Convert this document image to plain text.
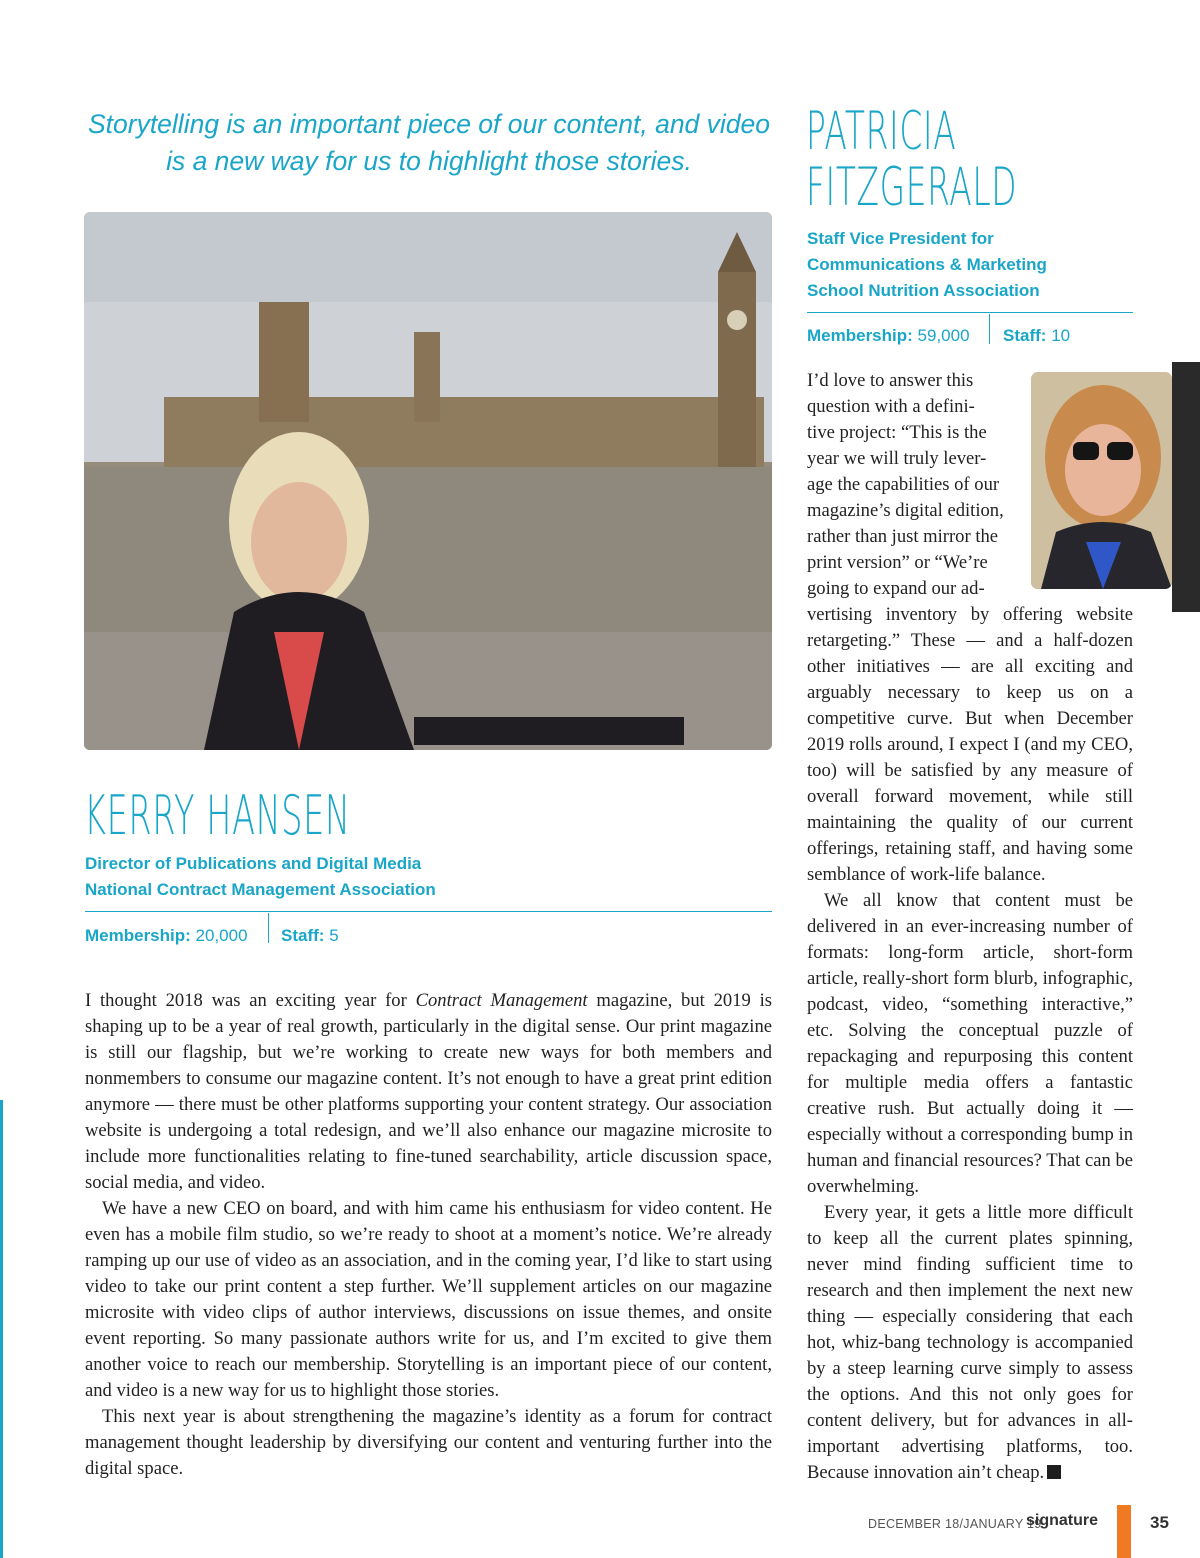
Storytelling is an important piece of our content, and video is a new way for us to highlight those stories.	PATRICIA
FITZGERALD
Staff Vice President for
Communications & Marketing
School Nutrition Association
Membership: 59,000 Staff: 10
I’d love to answer this
question with a defini-
tive project: “This is the
year we will truly lever-
age the capabilities of our
magazine’s digital edition,
rather than just mirror the
print version” or “We’re
going to expand our ad-

vertising inventory by offering website retargeting.” These — and a half-dozen other initiatives — are all exciting and arguably necessary to keep us on a competitive curve. But when December 2019 rolls around, I expect I (and my CEO, too) will be satisfied by any measure of overall forward movement, while still maintaining the quality of our current offerings, retaining staff, and having some semblance of work-life balance.

We all know that content must be delivered in an ever-increasing number of formats: long-form article, short-form article, really-short form blurb, infographic, podcast, video, “something interactive,” etc. Solving the conceptual puzzle of repackaging and repurposing this content for multiple media offers a fantastic creative rush. But actually doing it — especially without a corresponding bump in human and financial resources? That can be overwhelming.

Every year, it gets a little more difficult to keep all the current plates spinning, never mind finding sufficient time to research and then implement the next new thing — especially considering that each hot, whiz-bang technology is accompanied by a steep learning curve simply to assess the options. And this not only goes for content delivery, but for advances in all-important advertising platforms, too. Because innovation ain’t cheap.

KERRY HANSEN
Director of Publications and Digital Media
National Contract Management Association
Membership: 20,000 Staff: 5

I thought 2018 was an exciting year for Contract Management magazine, but 2019 is shaping up to be a year of real growth, particularly in the digital sense. Our print magazine is still our flagship, but we’re working to create new ways for both members and nonmembers to consume our magazine content. It’s not enough to have a great print edition anymore — there must be other platforms supporting your content strategy. Our association website is undergoing a total redesign, and we’ll also enhance our magazine microsite to include more functionalities relating to fine-tuned searchability, article discussion space, social media, and video.

We have a new CEO on board, and with him came his enthusiasm for video content. He even has a mobile film studio, so we’re ready to shoot at a moment’s notice. We’re already ramping up our use of video as an association, and in the coming year, I’d like to start using video to take our print content a step further. We’ll supplement articles on our magazine microsite with video clips of author interviews, discussions on issue themes, and onsite event reporting. So many passionate authors write for us, and I’m excited to give them another voice to reach our membership. Storytelling is an important piece of our content, and video is a new way for us to highlight those stories.

This next year is about strengthening the magazine’s identity as a forum for contract management thought leadership by diversifying our content and venturing further into the digital space.

DECEMBER 18/JANUARY 19
signature	35
